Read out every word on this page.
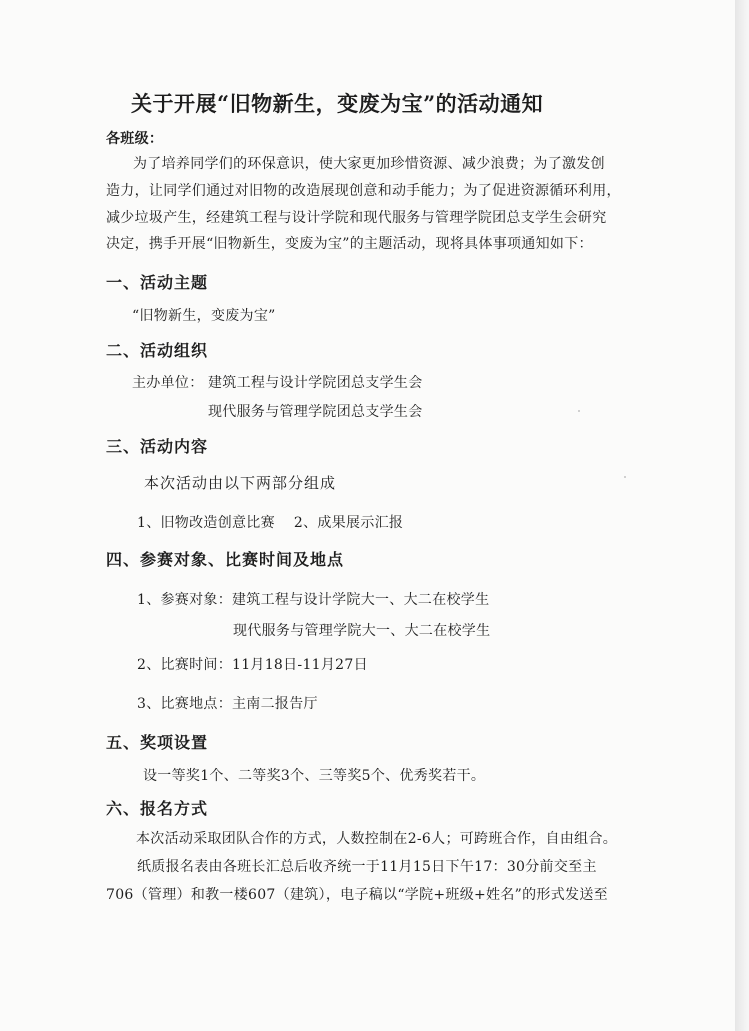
关于开展“旧物新生，变废为宝”的活动通知
各班级：
为了培养同学们的环保意识，使大家更加珍惜资源、减少浪费；为了激发创
造力，让同学们通过对旧物的改造展现创意和动手能力；为了促进资源循环利用，
减少垃圾产生，经建筑工程与设计学院和现代服务与管理学院团总支学生会研究
决定，携手开展“旧物新生，变废为宝”的主题活动，现将具体事项通知如下：
一、活动主题
“旧物新生，变废为宝”
二、活动组织
主办单位： 建筑工程与设计学院团总支学生会
现代服务与管理学院团总支学生会
三、活动内容
本次活动由以下两部分组成
1、旧物改造创意比赛    2、成果展示汇报
四、参赛对象、比赛时间及地点
1、参赛对象：建筑工程与设计学院大一、大二在校学生
现代服务与管理学院大一、大二在校学生
2、比赛时间：11月18日-11月27日
3、比赛地点：主南二报告厅
五、奖项设置
设一等奖1个、二等奖3个、三等奖5个、优秀奖若干。
六、报名方式
本次活动采取团队合作的方式，人数控制在2-6人；可跨班合作，自由组合。
纸质报名表由各班长汇总后收齐统一于11月15日下午17：30分前交至主
706（管理）和教一楼607（建筑），电子稿以“学院+班级+姓名”的形式发送至
